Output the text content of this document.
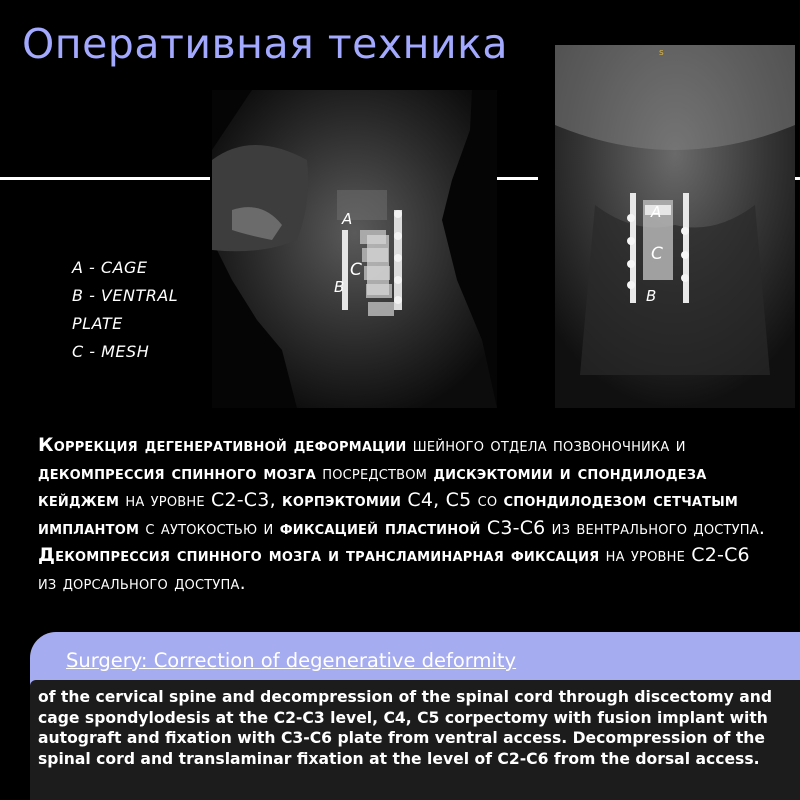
Оперативная техника
A
C
B
A
C
B
s
A - CAGE
B - VENTRAL
PLATE
C - MESH
Коррекция дегенеративной деформации шейного отдела позвоночника и декомпрессия спинного мозга посредством дискэктомии и спондилодеза кейджем на уровне C2-C3, корпэктомии C4, C5 со спондилодезом сетчатым имплантом с аутокостью и фиксацией пластиной C3-C6 из вентрального доступа. Декомпрессия спинного мозга и трансламинарная фиксация на уровне C2-C6 из дорсального доступа.
Surgery: Correction of degenerative deformity
of the cervical spine and decompression of the spinal cord through discectomy and cage spondylodesis at the C2-C3 level, C4, C5 corpectomy with fusion implant with autograft and fixation with C3-C6 plate from ventral access. Decompression of the spinal cord and translaminar fixation at the level of C2-C6 from the dorsal access.
